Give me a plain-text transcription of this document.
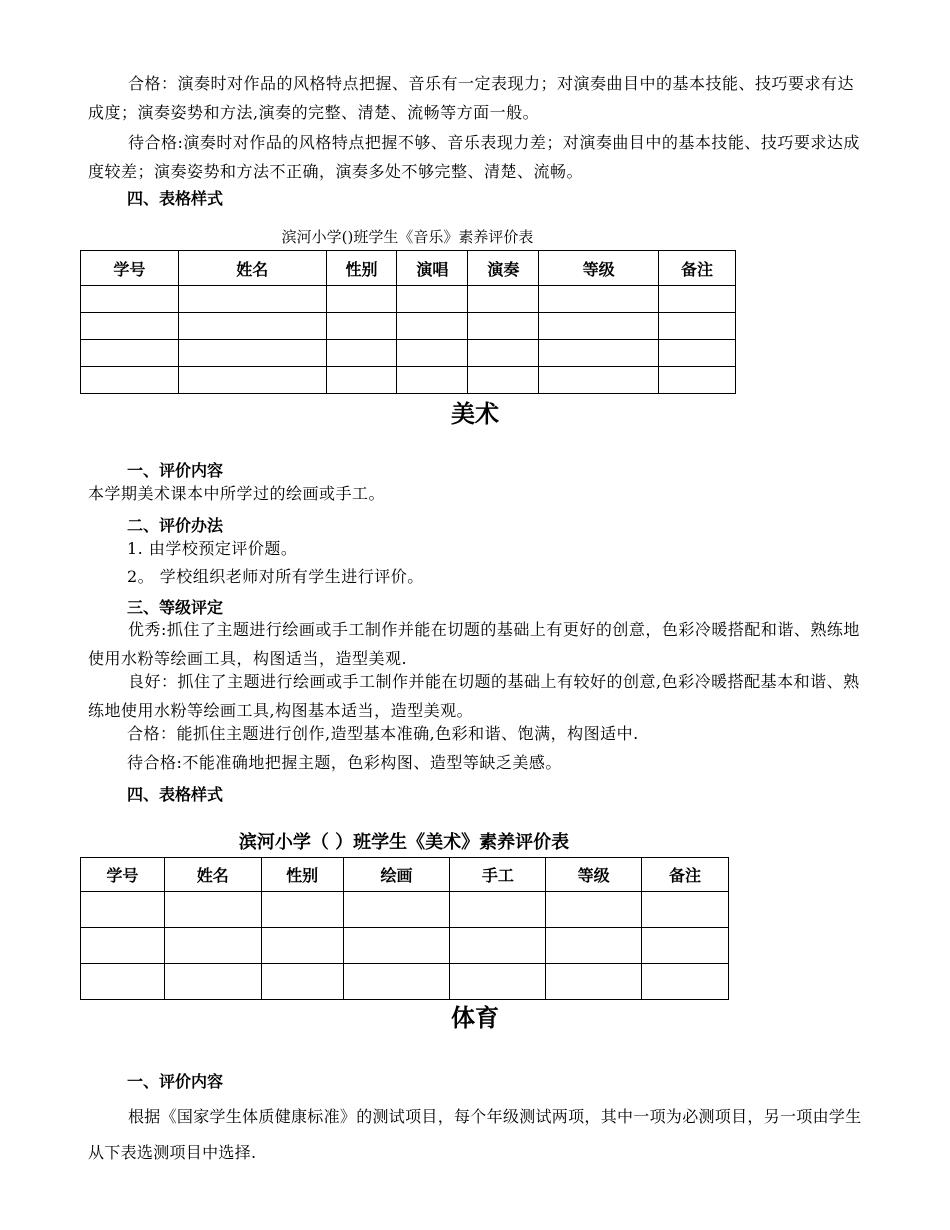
合格：演奏时对作品的风格特点把握、音乐有一定表现力；对演奏曲目中的基本技能、技巧要求有达成度；演奏姿势和方法,演奏的完整、清楚、流畅等方面一般。
待合格:演奏时对作品的风格特点把握不够、音乐表现力差；对演奏曲目中的基本技能、技巧要求达成度较差；演奏姿势和方法不正确，演奏多处不够完整、清楚、流畅。
四、表格样式
滨河小学()班学生《音乐》素养评价表
学号	姓名	性别	演唱	演奏	等级	备注

美术
一、评价内容
本学期美术课本中所学过的绘画或手工。
二、评价办法
1. 由学校预定评价题。
2。 学校组织老师对所有学生进行评价。
三、等级评定
优秀:抓住了主题进行绘画或手工制作并能在切题的基础上有更好的创意，色彩冷暖搭配和谐、熟练地使用水粉等绘画工具，构图适当，造型美观.
良好：抓住了主题进行绘画或手工制作并能在切题的基础上有较好的创意,色彩冷暖搭配基本和谐、熟练地使用水粉等绘画工具,构图基本适当，造型美观。
合格：能抓住主题进行创作,造型基本准确,色彩和谐、饱满，构图适中.
待合格:不能准确地把握主题，色彩构图、造型等缺乏美感。
四、表格样式
滨河小学（ ）班学生《美术》素养评价表
学号	姓名	性别	绘画	手工	等级	备注

体育
一、评价内容
根据《国家学生体质健康标准》的测试项目，每个年级测试两项，其中一项为必测项目，另一项由学生从下表选测项目中选择.
